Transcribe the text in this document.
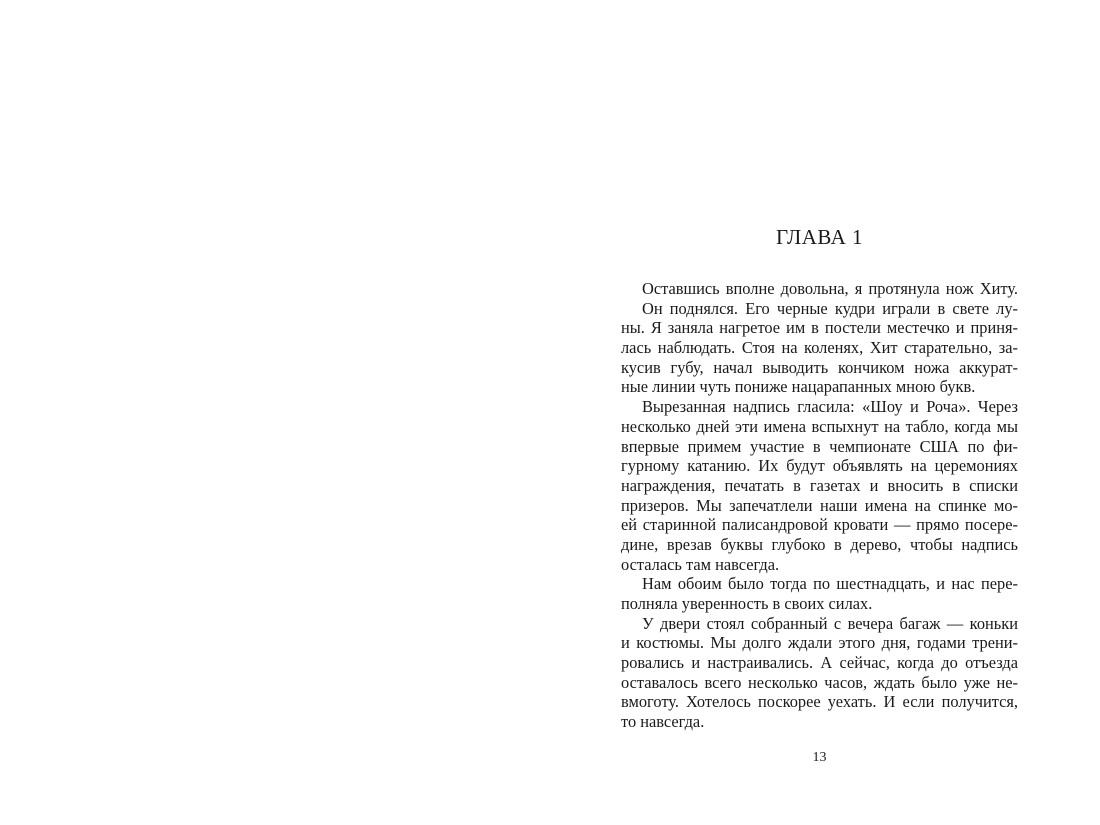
ГЛАВА 1
Оставшись вполне довольна, я протянула нож Хиту.
Он поднялся. Его черные кудри играли в свете лу-
ны. Я заняла нагретое им в постели местечко и приня-
лась наблюдать. Стоя на коленях, Хит старательно, за-
кусив губу, начал выводить кончиком ножа аккурат-
ные линии чуть пониже нацарапанных мною букв.
Вырезанная надпись гласила: «Шоу и Роча». Через
несколько дней эти имена вспыхнут на табло, когда мы
впервые примем участие в чемпионате США по фи-
гурному катанию. Их будут объявлять на церемониях
награждения, печатать в газетах и вносить в списки
призеров. Мы запечатлели наши имена на спинке мо-
ей старинной палисандровой кровати — прямо посере-
дине, врезав буквы глубоко в дерево, чтобы надпись
осталась там навсегда.
Нам обоим было тогда по шестнадцать, и нас пере-
полняла уверенность в своих силах.
У двери стоял собранный с вечера багаж — коньки
и костюмы. Мы долго ждали этого дня, годами трени-
ровались и настраивались. А сейчас, когда до отъезда
оставалось всего несколько часов, ждать было уже не-
вмоготу. Хотелось поскорее уехать. И если получится,
то навсегда.
13
